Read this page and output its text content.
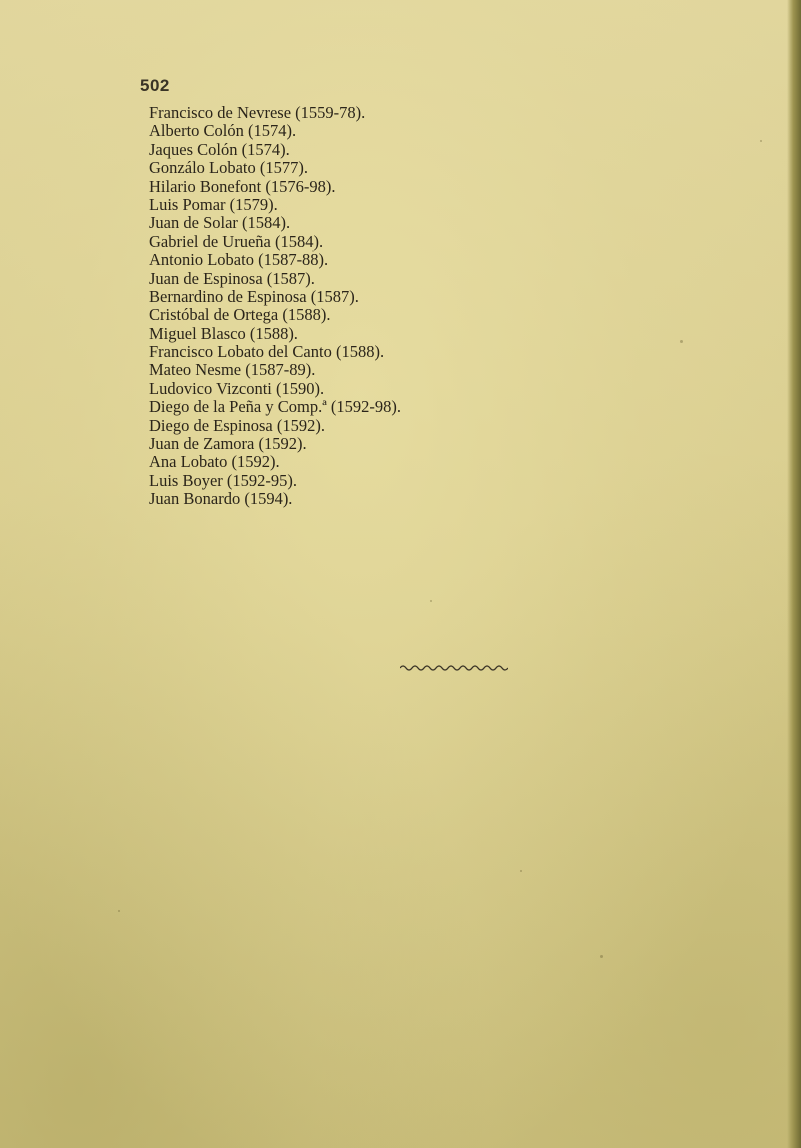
502
Francisco de Nevrese (1559-78).
Alberto Colón (1574).
Jaques Colón (1574).
Gonzálo Lobato (1577).
Hilario Bonefont (1576-98).
Luis Pomar (1579).
Juan de Solar (1584).
Gabriel de Urueña (1584).
Antonio Lobato (1587-88).
Juan de Espinosa (1587).
Bernardino de Espinosa (1587).
Cristóbal de Ortega (1588).
Miguel Blasco (1588).
Francisco Lobato del Canto (1588).
Mateo Nesme (1587-89).
Ludovico Vizconti (1590).
Diego de la Peña y Comp.ª (1592-98).
Diego de Espinosa (1592).
Juan de Zamora (1592).
Ana Lobato (1592).
Luis Boyer (1592-95).
Juan Bonardo (1594).
